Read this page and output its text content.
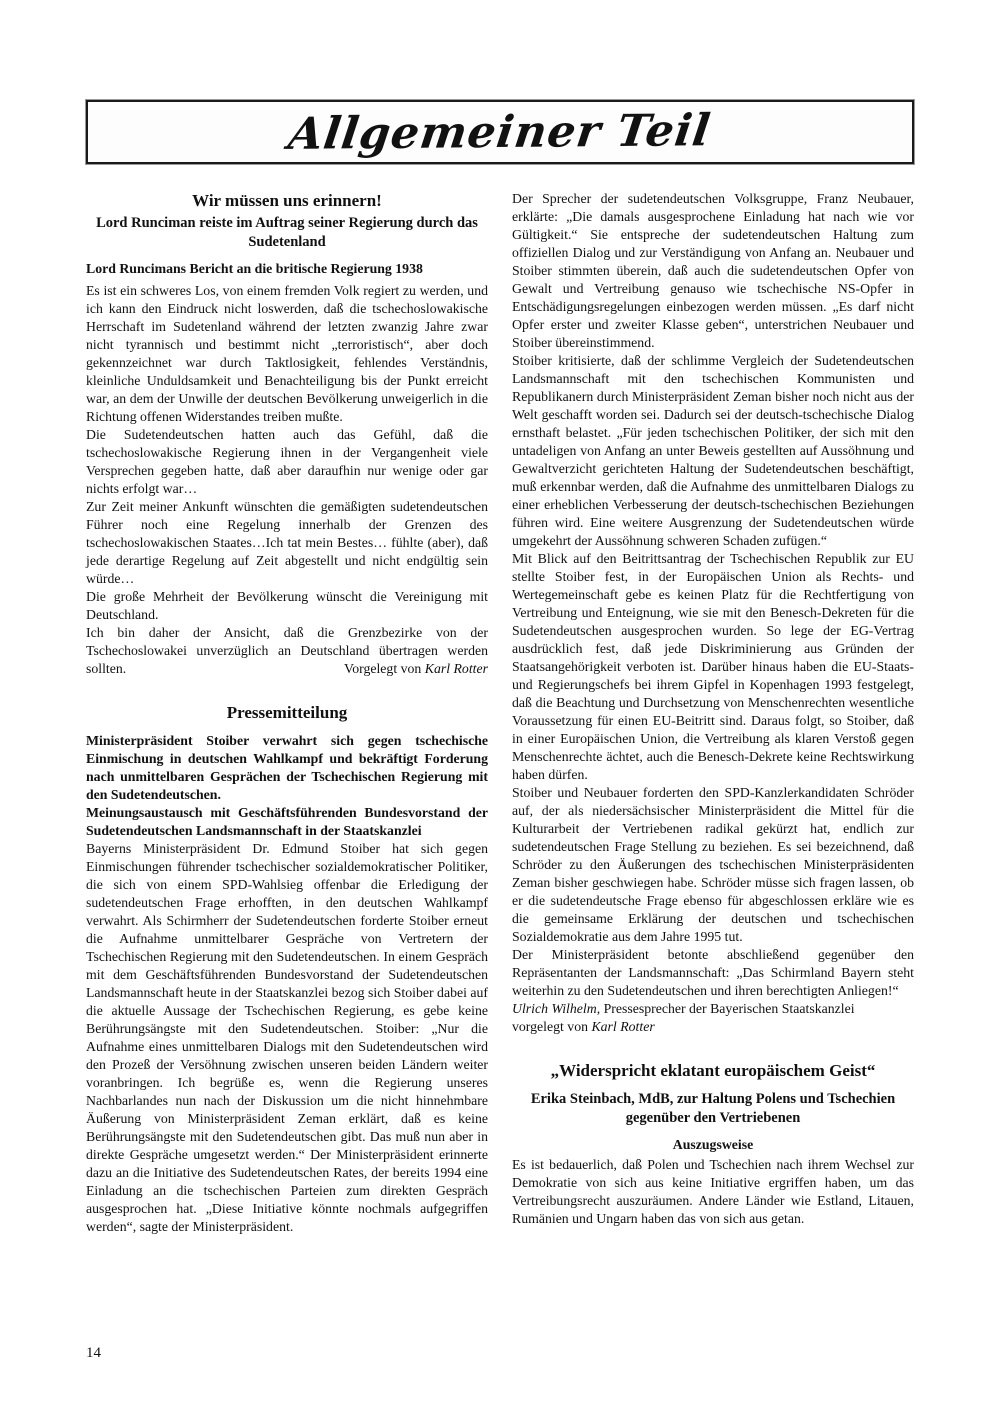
Allgemeiner Teil
Wir müssen uns erinnern!
Lord Runciman reiste im Auftrag seiner Regierung durch das Sudetenland
Lord Runcimans Bericht an die britische Regierung 1938

Es ist ein schweres Los, von einem fremden Volk regiert zu werden, und ich kann den Eindruck nicht loswerden, daß die tschechoslowakische Herrschaft im Sudetenland während der letzten zwanzig Jahre zwar nicht tyrannisch und bestimmt nicht „terroristisch“, aber doch gekennzeichnet war durch Taktlosigkeit, fehlendes Verständnis, kleinliche Unduldsamkeit und Benachteiligung bis der Punkt erreicht war, an dem der Unwille der deutschen Bevölkerung unweigerlich in die Richtung offenen Widerstandes treiben mußte.

Die Sudetendeutschen hatten auch das Gefühl, daß die tschechoslowakische Regierung ihnen in der Vergangenheit viele Versprechen gegeben hatte, daß aber daraufhin nur wenige oder gar nichts erfolgt war…

Zur Zeit meiner Ankunft wünschten die gemäßigten sudetendeutschen Führer noch eine Regelung innerhalb der Grenzen des tschechoslowakischen Staates…Ich tat mein Bestes… fühlte (aber), daß jede derartige Regelung auf Zeit abgestellt und nicht endgültig sein würde…

Die große Mehrheit der Bevölkerung wünscht die Vereinigung mit Deutschland.

Ich bin daher der Ansicht, daß die Grenzbezirke von der Tschechoslowakei unverzüglich an Deutschland übertragen werden sollten.	Vorgelegt von Karl Rotter

Pressemitteilung

Ministerpräsident Stoiber verwahrt sich gegen tschechische Einmischung in deutschen Wahlkampf und bekräftigt Forderung nach unmittelbaren Gesprächen der Tschechischen Regierung mit den Sudetendeutschen.

Meinungsaustausch mit Geschäftsführenden Bundesvorstand der Sudetendeutschen Landsmannschaft in der Staatskanzlei

Bayerns Ministerpräsident Dr. Edmund Stoiber hat sich gegen Einmischungen führender tschechischer sozialdemokratischer Politiker, die sich von einem SPD-Wahlsieg offenbar die Erledigung der sudetendeutschen Frage erhofften, in den deutschen Wahlkampf verwahrt. Als Schirmherr der Sudetendeutschen forderte Stoiber erneut die Aufnahme unmittelbarer Gespräche von Vertretern der Tschechischen Regierung mit den Sudetendeutschen. In einem Gespräch mit dem Geschäftsführenden Bundesvorstand der Sudetendeutschen Landsmannschaft heute in der Staatskanzlei bezog sich Stoiber dabei auf die aktuelle Aussage der Tschechischen Regierung, es gebe keine Berührungsängste mit den Sudetendeutschen. Stoiber: „Nur die Aufnahme eines unmittelbaren Dialogs mit den Sudetendeutschen wird den Prozeß der Versöhnung zwischen unseren beiden Ländern weiter voranbringen. Ich begrüße es, wenn die Regierung unseres Nachbarlandes nun nach der Diskussion um die nicht hinnehmbare Äußerung von Ministerpräsident Zeman erklärt, daß es keine Berührungsängste mit den Sudetendeutschen gibt. Das muß nun aber in direkte Gespräche umgesetzt werden.“ Der Ministerpräsident erinnerte dazu an die Initiative des Sudetendeutschen Rates, der bereits 1994 eine Einladung an die tschechischen Parteien zum direkten Gespräch ausgesprochen hat. „Diese Initiative könnte nochmals aufgegriffen werden“, sagte der Ministerpräsident.

Der Sprecher der sudetendeutschen Volksgruppe, Franz Neubauer, erklärte: „Die damals ausgesprochene Einladung hat nach wie vor Gültigkeit.“ Sie entspreche der sudetendeutschen Haltung zum offiziellen Dialog und zur Verständigung von Anfang an. Neubauer und Stoiber stimmten überein, daß auch die sudetendeutschen Opfer von Gewalt und Vertreibung genauso wie tschechische NS-Opfer in Entschädigungsregelungen einbezogen werden müssen. „Es darf nicht Opfer erster und zweiter Klasse geben“, unterstrichen Neubauer und Stoiber übereinstimmend.

Stoiber kritisierte, daß der schlimme Vergleich der Sudetendeutschen Landsmannschaft mit den tschechischen Kommunisten und Republikanern durch Ministerpräsident Zeman bisher noch nicht aus der Welt geschafft worden sei. Dadurch sei der deutsch-tschechische Dialog ernsthaft belastet. „Für jeden tschechischen Politiker, der sich mit den untadeligen von Anfang an unter Beweis gestellten auf Aussöhnung und Gewaltverzicht gerichteten Haltung der Sudetendeutschen beschäftigt, muß erkennbar werden, daß die Aufnahme des unmittelbaren Dialogs zu einer erheblichen Verbesserung der deutsch-tschechischen Beziehungen führen wird. Eine weitere Ausgrenzung der Sudetendeutschen würde umgekehrt der Aussöhnung schweren Schaden zufügen.“

Mit Blick auf den Beitrittsantrag der Tschechischen Republik zur EU stellte Stoiber fest, in der Europäischen Union als Rechts- und Wertegemeinschaft gebe es keinen Platz für die Rechtfertigung von Vertreibung und Enteignung, wie sie mit den Benesch-Dekreten für die Sudetendeutschen ausgesprochen wurden. So lege der EG-Vertrag ausdrücklich fest, daß jede Diskriminierung aus Gründen der Staatsangehörigkeit verboten ist. Darüber hinaus haben die EU-Staats- und Regierungschefs bei ihrem Gipfel in Kopenhagen 1993 festgelegt, daß die Beachtung und Durchsetzung von Menschenrechten wesentliche Voraussetzung für einen EU-Beitritt sind. Daraus folgt, so Stoiber, daß in einer Europäischen Union, die Vertreibung als klaren Verstoß gegen Menschenrechte ächtet, auch die Benesch-Dekrete keine Rechtswirkung haben dürfen.

Stoiber und Neubauer forderten den SPD-Kanzlerkandidaten Schröder auf, der als niedersächsischer Ministerpräsident die Mittel für die Kulturarbeit der Vertriebenen radikal gekürzt hat, endlich zur sudetendeutschen Frage Stellung zu beziehen. Es sei bezeichnend, daß Schröder zu den Äußerungen des tschechischen Ministerpräsidenten Zeman bisher geschwiegen habe. Schröder müsse sich fragen lassen, ob er die sudetendeutsche Frage ebenso für abgeschlossen erkläre wie es die gemeinsame Erklärung der deutschen und tschechischen Sozialdemokratie aus dem Jahre 1995 tut.

Der Ministerpräsident betonte abschließend gegenüber den Repräsentanten der Landsmannschaft: „Das Schirmland Bayern steht weiterhin zu den Sudetendeutschen und ihren berechtigten Anliegen!“

Ulrich Wilhelm, Pressesprecher der Bayerischen Staatskanzlei

vorgelegt von Karl Rotter

„Widerspricht eklatant europäischem Geist“
Erika Steinbach, MdB, zur Haltung Polens und Tschechien gegenüber den Vertriebenen
Auszugsweise

Es ist bedauerlich, daß Polen und Tschechien nach ihrem Wechsel zur Demokratie von sich aus keine Initiative ergriffen haben, um das Vertreibungsrecht auszuräumen. Andere Länder wie Estland, Litauen, Rumänien und Ungarn haben das von sich aus getan.

14
